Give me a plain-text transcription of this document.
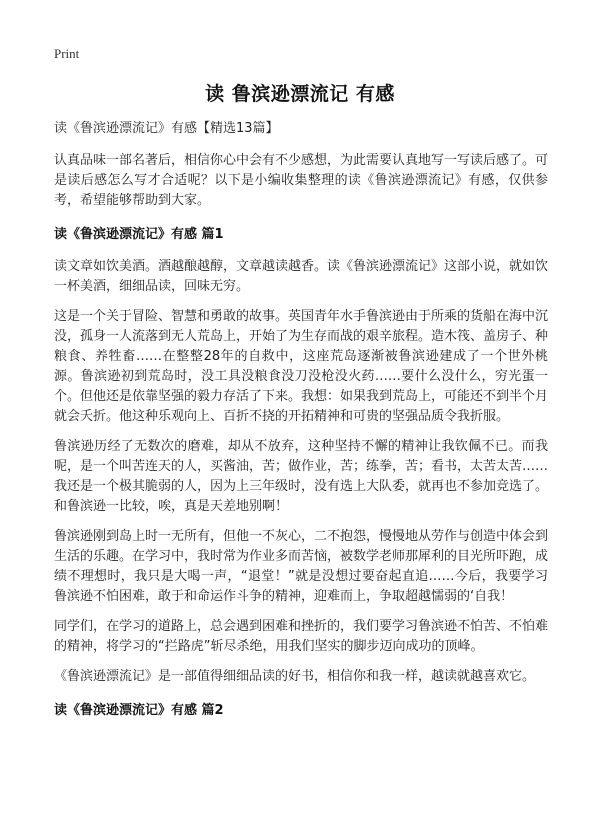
Print
读 鲁滨逊漂流记 有感

读《鲁滨逊漂流记》有感【精选13篇】

认真品味一部名著后，相信你心中会有不少感想，为此需要认真地写一写读后感了。可是读后感怎么写才合适呢？以下是小编收集整理的读《鲁滨逊漂流记》有感，仅供参考，希望能够帮助到大家。

读《鲁滨逊漂流记》有感 篇1

读文章如饮美酒。酒越酿越醇，文章越读越香。读《鲁滨逊漂流记》这部小说，就如饮一杯美酒，细细品读，回味无穷。

这是一个关于冒险、智慧和勇敢的故事。英国青年水手鲁滨逊由于所乘的货船在海中沉没，孤身一人流落到无人荒岛上，开始了为生存而战的艰辛旅程。造木筏、盖房子、种粮食、养牲畜……在整整28年的自救中，这座荒岛逐渐被鲁滨逊建成了一个世外桃源。鲁滨逊初到荒岛时，没工具没粮食没刀没枪没火药……要什么没什么，穷光蛋一个。但他还是依靠坚强的毅力存活了下来。我想：如果我到荒岛上，可能还不到半个月就会夭折。他这种乐观向上、百折不挠的开拓精神和可贵的坚强品质令我折服。

鲁滨逊历经了无数次的磨难，却从不放弃，这种坚持不懈的精神让我钦佩不已。而我呢，是一个叫苦连天的人，买酱油，苦；做作业，苦；练拳，苦；看书，太苦太苦……我还是一个极其脆弱的人，因为上三年级时，没有选上大队委，就再也不参加竞选了。和鲁滨逊一比较，唉，真是天差地别啊！

鲁滨逊刚到岛上时一无所有，但他一不灰心，二不抱怨，慢慢地从劳作与创造中体会到生活的乐趣。在学习中，我时常为作业多而苦恼，被数学老师那犀利的目光所吓跑，成绩不理想时，我只是大喝一声，“退堂！”就是没想过要奋起直追……今后，我要学习鲁滨逊不怕困难，敢于和命运作斗争的精神，迎难而上，争取超越懦弱的‘自我！

同学们，在学习的道路上，总会遇到困难和挫折的，我们要学习鲁滨逊不怕苦、不怕难的精神，将学习的“拦路虎”斩尽杀绝，用我们坚实的脚步迈向成功的顶峰。

《鲁滨逊漂流记》是一部值得细细品读的好书，相信你和我一样，越读就越喜欢它。

读《鲁滨逊漂流记》有感 篇2
